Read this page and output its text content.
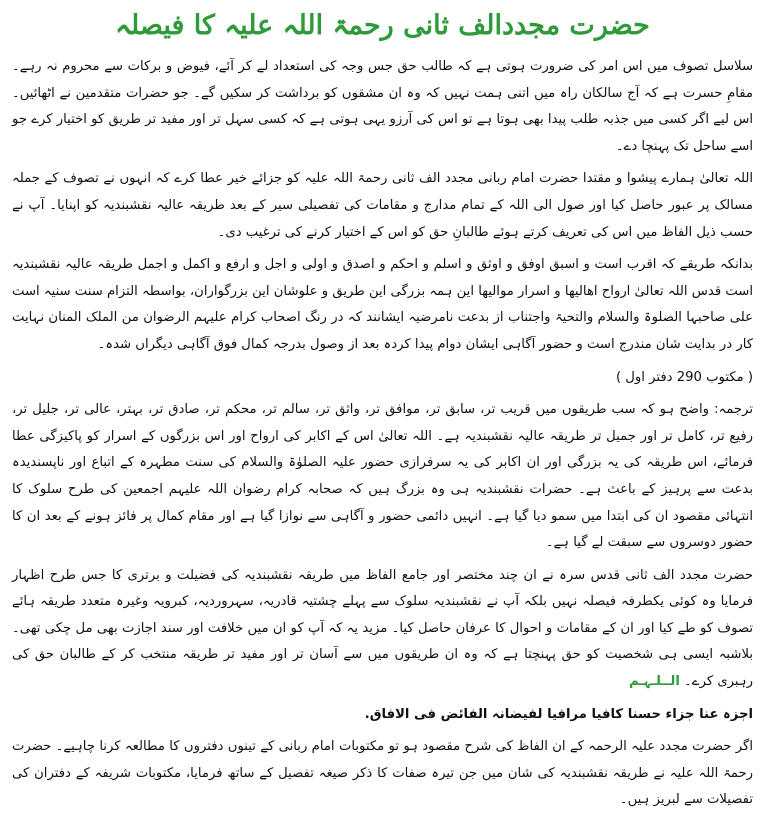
حضرت مجددالف ثانی رحمۃ اللہ علیہ کا فیصلہ

سلاسل تصوف میں اس امر کی ضرورت ہوتی ہے کہ طالب حق جس وجہ کی استعداد لے کر آئے، فیوض و برکات سے محروم نہ رہے۔ مقامِ حسرت ہے کہ آج سالکان راہ میں اتنی ہمت نہیں کہ وہ ان مشقوں کو برداشت کر سکیں گے۔ جو حضرات متقدمین نے اٹھائیں۔ اس لیے اگر کسی میں جذبہ طلب پیدا بھی ہوتا ہے تو اس کی آرزو یہی ہوتی ہے کہ کسی سہل تر اور مفید تر طریق کو اختیار کرے جو اسے ساحل تک پہنچا دے۔

اللہ تعالیٰ ہمارے پیشوا و مقتدا حضرت امام ربانی مجدد الف ثانی رحمۃ اللہ علیہ کو جزائے خیر عطا کرے کہ انہوں نے تصوف کے جملہ مسالک پر عبور حاصل کیا اور صول الی اللہ کے تمام مدارج و مقامات کی تفصیلی سیر کے بعد طریقہ عالیہ نقشبندیہ کو اپنایا۔ آپ نے حسب ذیل الفاظ میں اس کی تعریف کرتے ہوئے طالبانِ حق کو اس کے اختیار کرنے کی ترغیب دی۔

بدانکہ طریقے کہ اقرب است و اسبق اوفق و اوثق و اسلم و احکم و اصدق و اولی و اجل و ارفع و اکمل و اجمل طریقہ عالیہ نقشبندیہ است قدس اللہ تعالیٰ ارواح اھالیھا و اسرار موالیھا این ہمہ بزرگی این طریق و علوشان این بزرگواران، بواسطہ التزام سنت سنیہ است علی صاحبہا الصلوۃ والسلام والتحیۃ واجتناب از بدعت نامرضیہ ایشانند کہ در رنگ اصحاب کرام علیہم الرضوان من الملک المنان نہایت کار در بدایت شان مندرج است و حضور آگاہی ایشان دوام پیدا کردہ بعد از وصول بدرجہ کمال فوق آگاہی دیگراں شدہ۔

( مکتوب 290 دفتر اول )

ترجمہ: واضح ہو کہ سب طریقوں میں قریب تر، سابق تر، موافق تر، واثق تر، سالم تر، محکم تر، صادق تر، بہتر، عالی تر، جلیل تر، رفیع تر، کامل تر اور جمیل تر طریقہ عالیہ نقشبندیہ ہے۔ اللہ تعالیٰ اس کے اکابر کی ارواح اور اس بزرگوں کے اسرار کو پاکیزگی عطا فرمائے، اس طریقہ کی یہ بزرگی اور ان اکابر کی یہ سرفرازی حضور علیہ الصلوٰۃ والسلام کی سنت مطہرہ کے اتباع اور ناپسندیدہ بدعت سے پرہیز کے باعث ہے۔ حضرات نقشبندیہ ہی وہ بزرگ ہیں کہ صحابہ کرام رضوان اللہ علیہم اجمعین کی طرح سلوک کا انتہائی مقصود ان کی ابتدا میں سمو دیا گیا ہے۔ انہیں دائمی حضور و آگاہی سے نوازا گیا ہے اور مقام کمال پر فائز ہونے کے بعد ان کا حضور دوسروں سے سبقت لے گیا ہے۔

حضرت مجدد الف ثانی قدس سرہ نے ان چند مختصر اور جامع الفاظ میں طریقہ نقشبندیہ کی فضیلت و برتری کا جس طرح اظہار فرمایا وہ کوئی یکطرفہ فیصلہ نہیں بلکہ آپ نے نقشبندیہ سلوک سے پہلے چشتیہ قادریہ، سہروردیہ، کبرویہ وغیرہ متعدد طریقہ ہائے تصوف کو طے کیا اور ان کے مقامات و احوال کا عرفان حاصل کیا۔ مزید یہ کہ آپ کو ان میں خلافت اور سند اجازت بھی مل چکی تھی۔ بلاشبہ ایسی ہی شخصیت کو حق پہنچتا ہے کہ وہ ان طریقوں میں سے آسان تر اور مفید تر طریقہ منتخب کر کے طالبان حق کی رہبری کرے۔ الــلـہـم

اجزہ عنا جزاء حسنا کافیا مرافیا لفیضانہ الفائض فی الافاق.

اگر حضرت مجدد علیہ الرحمہ کے ان الفاظ کی شرح مقصود ہو تو مکتوبات امام ربانی کے تینوں دفتروں کا مطالعہ کرنا چاہیے۔ حضرت رحمۃ اللہ علیہ نے طریقہ نقشبندیہ کی شان میں جن تیرہ صفات کا ذکر صیغہ تفصیل کے ساتھ فرمایا، مکتوبات شریفہ کے دفتران کی تفصیلات سے لبریز ہیں۔
